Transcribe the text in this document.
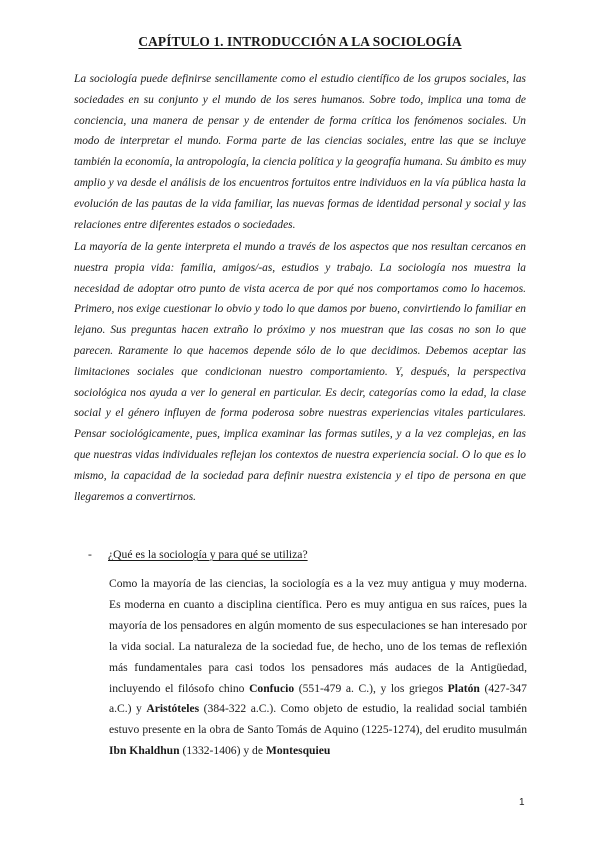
CAPÍTULO 1. INTRODUCCIÓN A LA SOCIOLOGÍA

La sociología puede definirse sencillamente como el estudio científico de los grupos sociales, las sociedades en su conjunto y el mundo de los seres humanos. Sobre todo, implica una toma de conciencia, una manera de pensar y de entender de forma crítica los fenómenos sociales. Un modo de interpretar el mundo. Forma parte de las ciencias sociales, entre las que se incluye también la economía, la antropología, la ciencia política y la geografía humana. Su ámbito es muy amplio y va desde el análisis de los encuentros fortuitos entre individuos en la vía pública hasta la evolución de las pautas de la vida familiar, las nuevas formas de identidad personal y social y las relaciones entre diferentes estados o sociedades.

La mayoría de la gente interpreta el mundo a través de los aspectos que nos resultan cercanos en nuestra propia vida: familia, amigos/-as, estudios y trabajo. La sociología nos muestra la necesidad de adoptar otro punto de vista acerca de por qué nos comportamos como lo hacemos. Primero, nos exige cuestionar lo obvio y todo lo que damos por bueno, convirtiendo lo familiar en lejano. Sus preguntas hacen extraño lo próximo y nos muestran que las cosas no son lo que parecen. Raramente lo que hacemos depende sólo de lo que decidimos. Debemos aceptar las limitaciones sociales que condicionan nuestro comportamiento. Y, después, la perspectiva sociológica nos ayuda a ver lo general en particular. Es decir, categorías como la edad, la clase social y el género influyen de forma poderosa sobre nuestras experiencias vitales particulares. Pensar sociológicamente, pues, implica examinar las formas sutiles, y a la vez complejas, en las que nuestras vidas individuales reflejan los contextos de nuestra experiencia social. O lo que es lo mismo, la capacidad de la sociedad para definir nuestra existencia y el tipo de persona en que llegaremos a convertirnos.

- ¿Qué es la sociología y para qué se utiliza?

Como la mayoría de las ciencias, la sociología es a la vez muy antigua y muy moderna. Es moderna en cuanto a disciplina científica. Pero es muy antigua en sus raíces, pues la mayoría de los pensadores en algún momento de sus especulaciones se han interesado por la vida social. La naturaleza de la sociedad fue, de hecho, uno de los temas de reflexión más fundamentales para casi todos los pensadores más audaces de la Antigüedad, incluyendo el filósofo chino Confucio (551-479 a. C.), y los griegos Platón (427-347 a.C.) y Aristóteles (384-322 a.C.). Como objeto de estudio, la realidad social también estuvo presente en la obra de Santo Tomás de Aquino (1225-1274), del erudito musulmán Ibn Khaldhun (1332-1406) y de Montesquieu

1
